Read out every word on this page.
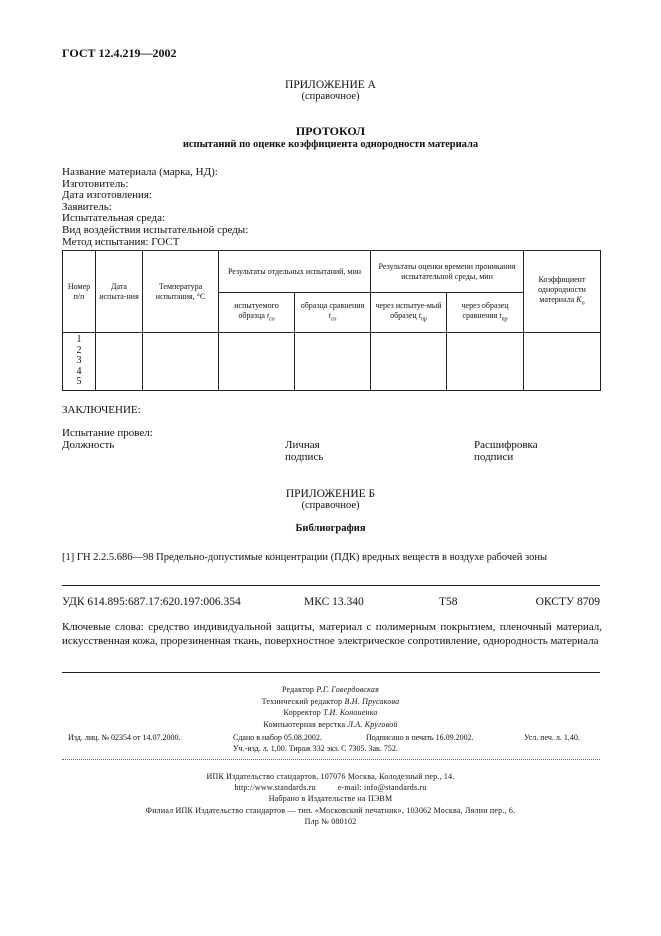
ГОСТ 12.4.219—2002
ПРИЛОЖЕНИЕ А
(справочное)
ПРОТОКОЛ
испытаний по оценке коэффициента однородности материала
Название материала (марка, НД):
Изготовитель:
Дата изготовления:
Заявитель:
Испытательная среда:
Вид воздействия испытательной среды:
Метод испытания: ГОСТ
Номер п/п	Дата испыта-ния	Температура испытания, °С	Результаты отдельных испытаний, мин		Результаты оценки времени проникания испытательной среды, мин		Коэффициент однородности материала $K_о$
			испытуемого образца $t_{со}$	образца сравнения $t_{со}$	через испытуе-мый образец $t_{пр}$	через образец сравнения $t_{пр}$

1
2
3
4
5							

ЗАКЛЮЧЕНИЕ:
Испытание провел:
Должность	Личная
подпись
Расшифровка
подписи
ПРИЛОЖЕНИЕ Б
(справочное)
Библиография
[1] ГН 2.2.5.686—98 Предельно-допустимые концентрации (ПДК) вредных веществ в воздухе рабочей зоны
УДК 614.895:687.17:620.197:006.354	МКС 13.340	Т58	ОКСТУ 8709
Ключевые слова: средство индивидуальной защиты, материал с полимерным покрытием, пленочный материал, искусственная кожа, прорезиненная ткань, поверхностное электрическое сопротивление, однородность материала
Редактор Р.Г. Говердовская
Технический редактор В.Н. Прусакова
Корректор Т.И. Кононенко
Компьютерная верстка Л.А. Круговой
Изд. лиц. № 02354 от 14.07.2000.	Сдано в набор 05.08.2002.	Подписано в печать 16.09.2002.	Усл. печ. л. 1,40.
Уч.-изд. л. 1,00. Тираж 332 экз. С 7305. Зак. 752.
ИПК Издательство стандартов, 107076 Москва, Колодезный пер., 14.
http://www.standards.ru          e-mail: info@standards.ru
Набрано в Издательстве на ПЭВМ
Филиал ИПК Издательство стандартов — тип. «Московский печатник», 103062 Москва, Лялин пер., 6.
Плр № 080102
